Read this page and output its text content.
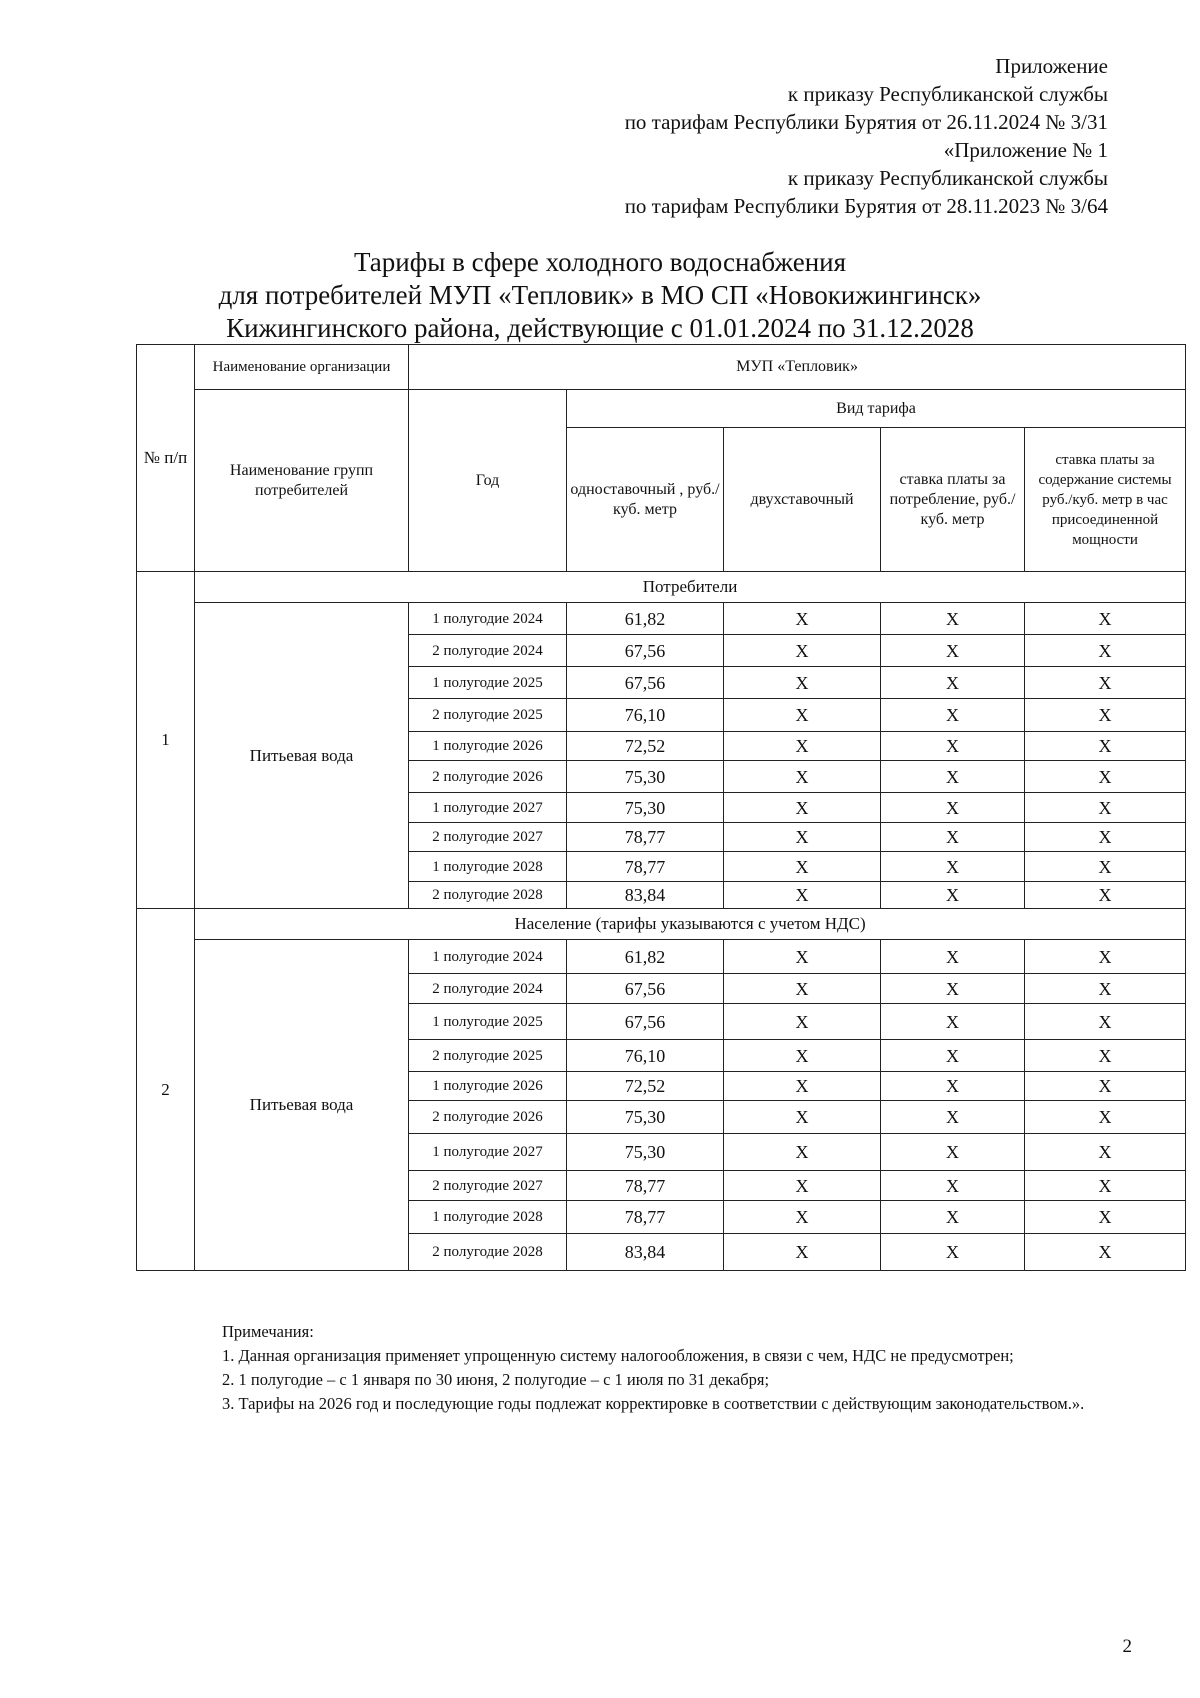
Приложение
к приказу Республиканской службы
по тарифам Республики Бурятия от 26.11.2024 № 3/31
«Приложение № 1
к приказу Республиканской службы
по тарифам Республики Бурятия от 28.11.2023 № 3/64
Тарифы в сфере холодного водоснабжения
для потребителей МУП «Тепловик» в МО СП «Новокижингинск»
Кижингинского района, действующие с 01.01.2024 по 31.12.2028
№ п/п	Наименование организации	МУП «Тепловик»				
	Наименование групп потребителей	Год	Вид тарифа			
			одноставочный , руб./ куб. метр	двухставочный	ставка платы за потребление, руб./ куб. метр	ставка платы за содержание системы руб./куб. метр в час присоединенной мощности
1	Потребители					
	Питьевая вода	1 полугодие 2024	61,82	X	X	X
		2 полугодие 2024	67,56	X	X	X
		1 полугодие 2025	67,56	X	X	X
		2 полугодие 2025	76,10	X	X	X
		1 полугодие 2026	72,52	X	X	X
		2 полугодие 2026	75,30	X	X	X
		1 полугодие 2027	75,30	X	X	X
		2 полугодие 2027	78,77	X	X	X
		1 полугодие 2028	78,77	X	X	X
		2 полугодие 2028	83,84	X	X	X
2	Население (тарифы указываются с учетом НДС)					
	Питьевая вода	1 полугодие 2024	61,82	X	X	X
		2 полугодие 2024	67,56	X	X	X
		1 полугодие 2025	67,56	X	X	X
		2 полугодие 2025	76,10	X	X	X
		1 полугодие 2026	72,52	X	X	X
		2 полугодие 2026	75,30	X	X	X
		1 полугодие 2027	75,30	X	X	X
		2 полугодие 2027	78,77	X	X	X
		1 полугодие 2028	78,77	X	X	X
		2 полугодие 2028	83,84	X	X	X
Примечания:

1. Данная организация применяет упрощенную систему налогообложения, в связи с чем, НДС не предусмотрен;

2. 1 полугодие – с 1 января по 30 июня, 2 полугодие – с 1 июля по 31 декабря;

3. Тарифы на 2026 год и последующие годы подлежат корректировке в соответствии с действующим законодательством.».

2
